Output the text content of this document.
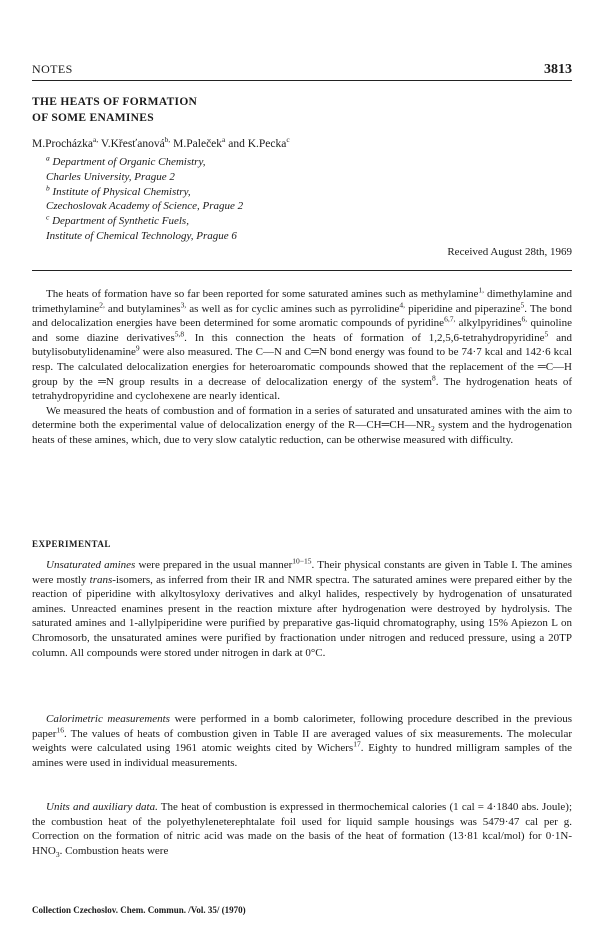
NOTES	3813
THE HEATS OF FORMATION
OF SOME ENAMINES
M.Procházka$^{a,}$ V.Křesťanová$^{b,}$ M.Paleček$^a$ and K.Pecka$^c$
$^a$ Department of Organic Chemistry,
Charles University, Prague 2
$^b$ Institute of Physical Chemistry,
Czechoslovak Academy of Science, Prague 2
$^c$ Department of Synthetic Fuels,
Institute of Chemical Technology, Prague 6
Received August 28th, 1969

The heats of formation have so far been reported for some saturated amines such as methylamine$^{1,}$ dimethylamine and trimethylamine$^{2,}$ and butylamines$^{3,}$ as well as for cyclic amines such as pyrrolidine$^{4,}$ piperidine and piperazine$^5$. The bond and delocalization energies have been determined for some aromatic compounds of pyridine$^{6,7,}$ alkylpyridines$^{6,}$ quinoline and some diazine derivatives$^{5,8}$. In this connection the heats of formation of 1,2,5,6-tetrahydropyridine$^5$ and butylisobutylidenamine$^9$ were also measured. The C—N and C═N bond energy was found to be 74·7 kcal and 142·6 kcal resp. The calculated delocalization energies for heteroaromatic compounds showed that the replacement of the ═C—H group by the ═N group results in a decrease of delocalization energy of the system$^8$. The hydrogenation heats of tetrahydropyridine and cyclohexene are nearly identical.

We measured the heats of combustion and of formation in a series of saturated and unsaturated amines with the aim to determine both the experimental value of delocalization energy of the $R—CH═CH—NR_2$ system and the hydrogenation heats of these amines, which, due to very slow catalytic reduction, can be otherwise measured with difficulty.

EXPERIMENTAL

Unsaturated amines were prepared in the usual manner$^{10-15}$. Their physical constants are given in Table I. The amines were mostly trans-isomers, as inferred from their IR and NMR spectra. The saturated amines were prepared either by the reaction of piperidine with alkyltosyloxy derivatives and alkyl halides, respectively by hydrogenation of unsaturated amines. Unreacted enamines present in the reaction mixture after hydrogenation were destroyed by hydrolysis. The saturated amines and 1-allylpiperidine were purified by preparative gas-liquid chromatography, using 15% Apiezon L on Chromosorb, the unsaturated amines were purified by fractionation under nitrogen and reduced pressure, using a 20TP column. All compounds were stored under nitrogen in dark at 0°C.

Calorimetric measurements were performed in a bomb calorimeter, following procedure described in the previous paper$^{16}$. The values of heats of combustion given in Table II are averaged values of six measurements. The molecular weights were calculated using 1961 atomic weights cited by Wichers$^{17}$. Eighty to hundred milligram samples of the amines were used in individual measurements.

Units and auxiliary data. The heat of combustion is expressed in thermochemical calories (1 cal = 4·1840 abs. Joule); the combustion heat of the polyethyleneterephtalate foil used for liquid sample housings was 5479·47 cal per g. Correction on the formation of nitric acid was made on the basis of the heat of formation (13·81 kcal/mol) for $0\cdot 1N-HNO_3$. Combustion heats were

Collection Czechoslov. Chem. Commun. /Vol. 35/ (1970)
